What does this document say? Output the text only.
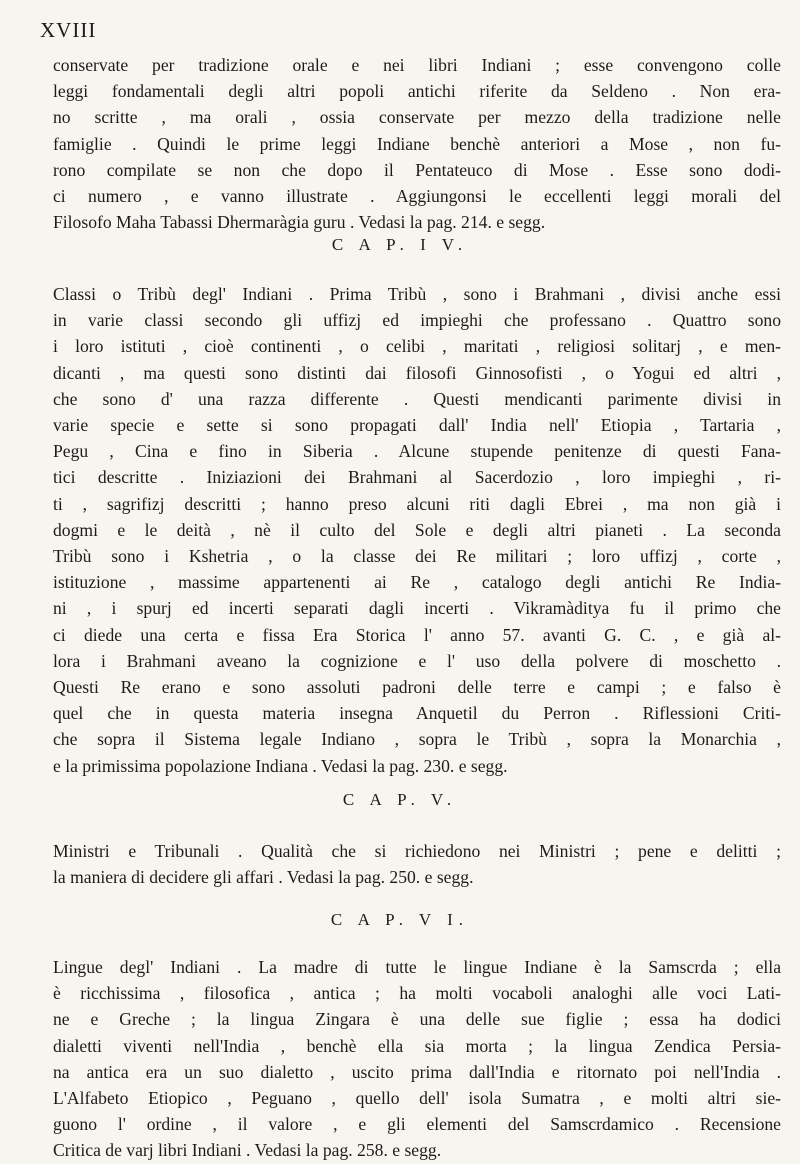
XVIII
conservate per tradizione orale e nei libri Indiani ; esse convengono colle
leggi fondamentali degli altri popoli antichi riferite da Seldeno . Non era-
no scritte , ma orali , ossia conservate per mezzo della tradizione nelle
famiglie . Quindi le prime leggi Indiane benchè anteriori a Mose , non fu-
rono compilate se non che dopo il Pentateuco di Mose . Esse sono dodi-
ci numero , e vanno illustrate . Aggiungonsi le eccellenti leggi morali del
Filosofo Maha Tabassi Dhermaràgia guru . Vedasi la pag. 214. e segg.
C A P. I V.
Classi o Tribù degl' Indiani . Prima Tribù , sono i Brahmani , divisi anche essi
in varie classi secondo gli uffizj ed impieghi che professano . Quattro sono
i loro istituti , cioè continenti , o celibi , maritati , religiosi solitarj , e men-
dicanti , ma questi sono distinti dai filosofi Ginnosofisti , o Yogui ed altri ,
che sono d' una razza differente . Questi mendicanti parimente divisi in
varie specie e sette si sono propagati dall' India nell' Etiopia , Tartaria ,
Pegu , Cina e fino in Siberia . Alcune stupende penitenze di questi Fana-
tici descritte . Iniziazioni dei Brahmani al Sacerdozio , loro impieghi , ri-
ti , sagrifizj descritti ; hanno preso alcuni riti dagli Ebrei , ma non già i
dogmi e le deità , nè il culto del Sole e degli altri pianeti . La seconda
Tribù sono i Kshetria , o la classe dei Re militari ; loro uffizj , corte ,
istituzione , massime appartenenti ai Re , catalogo degli antichi Re India-
ni , i spurj ed incerti separati dagli incerti . Vikramàditya fu il primo che
ci diede una certa e fissa Era Storica l' anno 57. avanti G. C. , e già al-
lora i Brahmani aveano la cognizione e l' uso della polvere di moschetto .
Questi Re erano e sono assoluti padroni delle terre e campi ; e falso è
quel che in questa materia insegna Anquetil du Perron . Riflessioni Criti-
che sopra il Sistema legale Indiano , sopra le Tribù , sopra la Monarchia ,
e la primissima popolazione Indiana . Vedasi la pag. 230. e segg.
C A P. V.
Ministri e Tribunali . Qualità che si richiedono nei Ministri ; pene e delitti ;
la maniera di decidere gli affari . Vedasi la pag. 250. e segg.
C A P. V I.
Lingue degl' Indiani . La madre di tutte le lingue Indiane è la Samscrda ; ella
è ricchissima , filosofica , antica ; ha molti vocaboli analoghi alle voci Lati-
ne e Greche ; la lingua Zingara è una delle sue figlie ; essa ha dodici
dialetti viventi nell'India , benchè ella sia morta ; la lingua Zendica Persia-
na antica era un suo dialetto , uscito prima dall'India e ritornato poi nell'India .
L'Alfabeto Etiopico , Peguano , quello dell' isola Sumatra , e molti altri sie-
guono l' ordine , il valore , e gli elementi del Samscrdamico . Recensione
Critica de varj libri Indiani . Vedasi la pag. 258. e segg.
